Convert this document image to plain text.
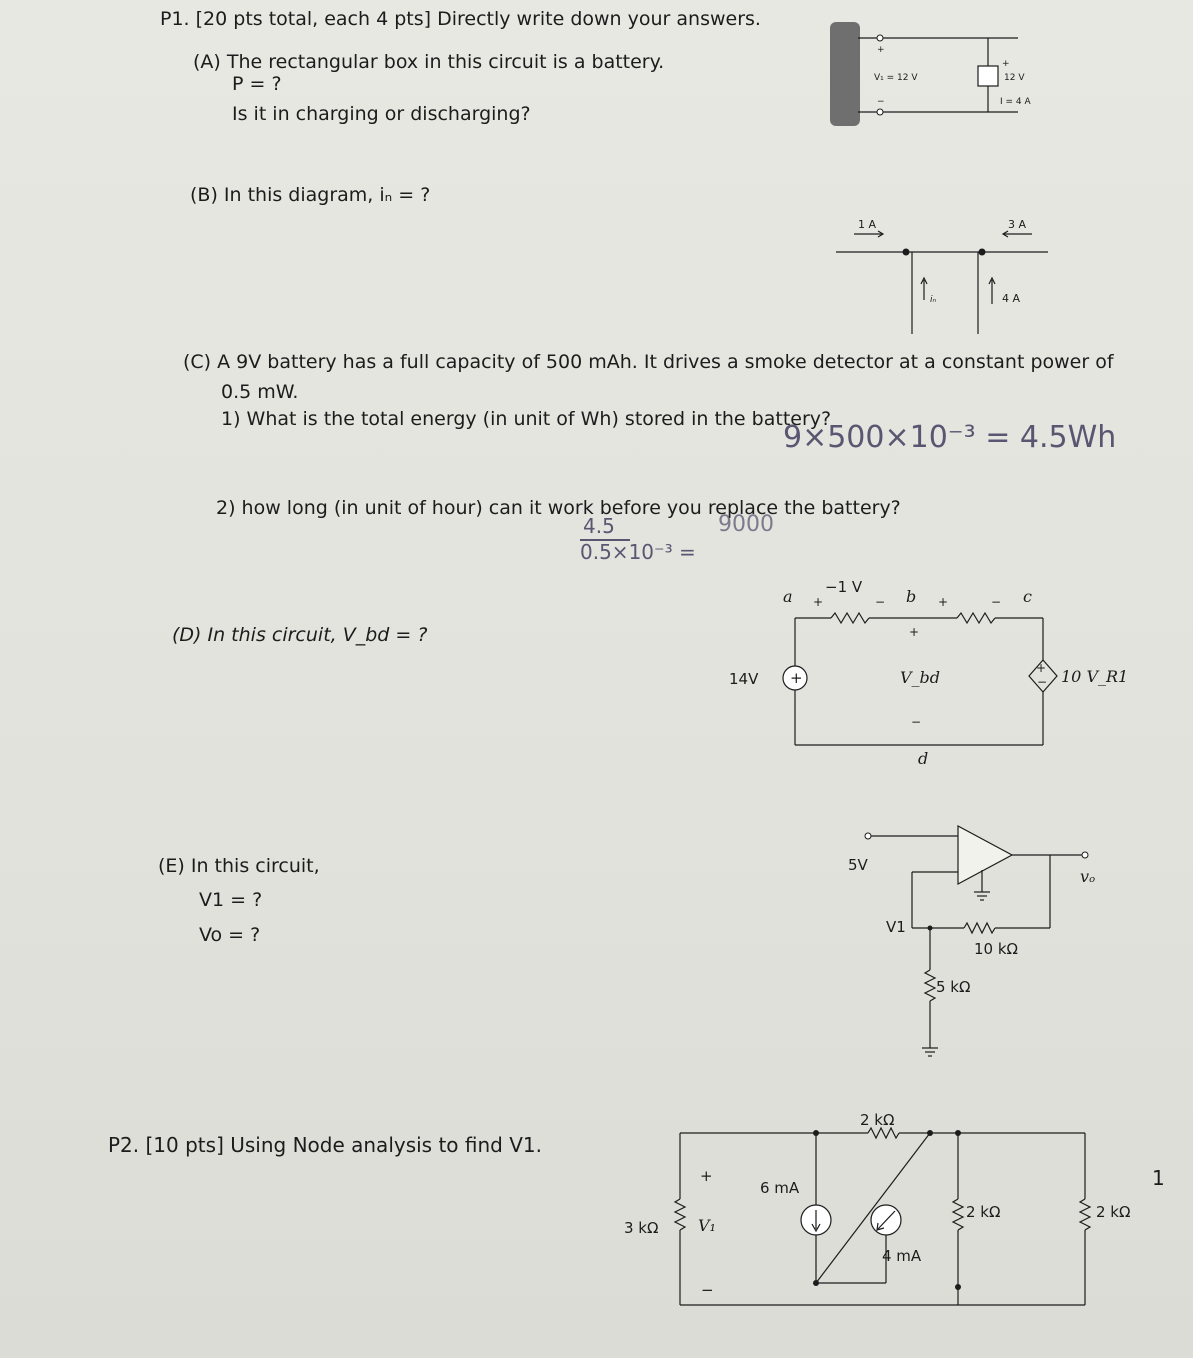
P1. [20 pts total, each 4 pts] Directly write down your answers.
(A) The rectangular box in this circuit is a battery.
P = ?
Is it in charging or discharging?
+
−
V₁ = 12 V
+
12 V
I = 4 A
(B) In this diagram, iₙ = ?
1 A	3 A
iₙ	4 A
(C) A 9V battery has a full capacity of 500 mAh. It drives a smoke detector at a constant power of
0.5 mW.
1) What is the total energy (in unit of Wh) stored in the battery?
9×500×10⁻³ = 4.5Wh
2) how long (in unit of hour) can it work before you replace the battery?
4.5
0.5×10⁻³ =
9000
(D) In this circuit, V_bd = ?
+
+
−
a	b	c
d
−1 V
+	−	+	−
+
V_bd
−
14V	10 V_R1
(E) In this circuit,
V1 = ?
Vo = ?
5V
V1
10 kΩ
5 kΩ
vₒ
P2. [10 pts] Using Node analysis to find V1.
2 kΩ
3 kΩ
+
V₁
−
6 mA
4 mA
2 kΩ	2 kΩ
1
